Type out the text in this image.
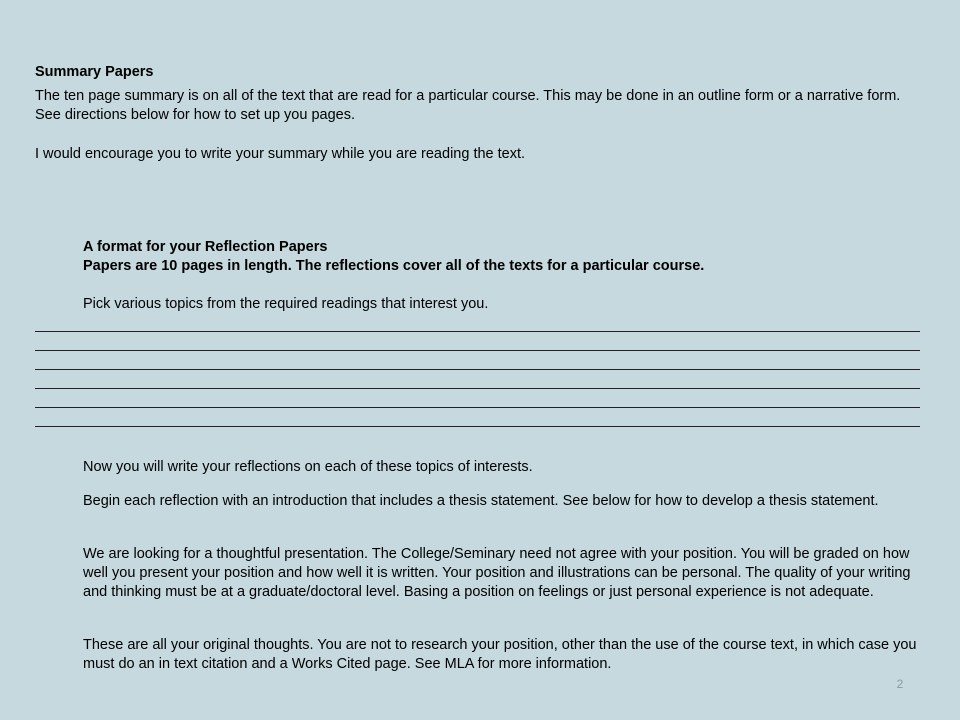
Summary Papers
The ten page summary is on all of the text that are read for a particular course. This may be done in an outline form or a narrative form. See directions below for how to set up you pages.
I would encourage you to write your summary while you are reading the text.
A format for your Reflection Papers
Papers are 10 pages in length. The reflections cover all of the texts for a particular course.
Pick various topics from the required readings that interest you.
Now you will write your reflections on each of these topics of interests.
Begin each reflection with an introduction that includes a thesis statement. See below for how to develop a thesis statement.
We are looking for a thoughtful presentation. The College/Seminary need not agree with your position. You will be graded on how well you present your position and how well it is written. Your position and illustrations can be personal. The quality of your writing and thinking must be at a graduate/doctoral level. Basing a position on feelings or just personal experience is not adequate.
These are all your original thoughts. You are not to research your position, other than the use of the course text, in which case you must do an in text citation and a Works Cited page. See MLA for more information.
2
